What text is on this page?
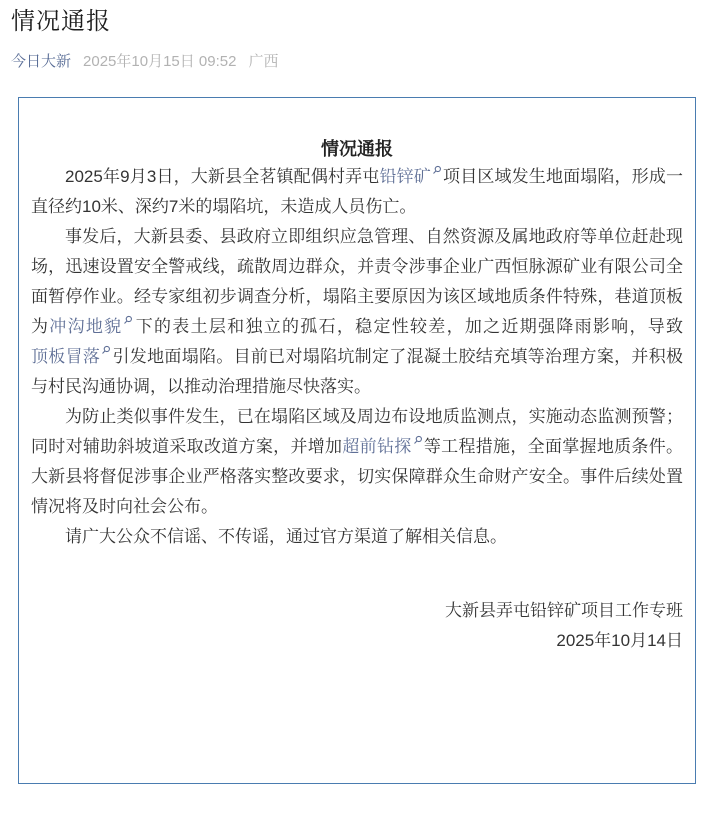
情况通报
今日大新 2025年10月15日 09:52 广西
情况通报

2025年9月3日，大新县全茗镇配偶村弄屯铅锌矿 项目区域发生地面塌陷，形成一直径约10米、深约7米的塌陷坑，未造成人员伤亡。

事发后，大新县委、县政府立即组织应急管理、自然资源及属地政府等单位赶赴现场，迅速设置安全警戒线，疏散周边群众，并责令涉事企业广西恒脉源矿业有限公司全面暂停作业。经专家组初步调查分析，塌陷主要原因为该区域地质条件特殊，巷道顶板为冲沟地貌 下的表土层和独立的孤石，稳定性较差，加之近期强降雨影响，导致顶板冒落 引发地面塌陷。目前已对塌陷坑制定了混凝土胶结充填等治理方案，并积极与村民沟通协调，以推动治理措施尽快落实。

为防止类似事件发生，已在塌陷区域及周边布设地质监测点，实施动态监测预警；同时对辅助斜坡道采取改道方案，并增加超前钻探 等工程措施，全面掌握地质条件。大新县将督促涉事企业严格落实整改要求，切实保障群众生命财产安全。事件后续处置情况将及时向社会公布。

请广大公众不信谣、不传谣，通过官方渠道了解相关信息。

大新县弄屯铅锌矿项目工作专班
2025年10月14日
